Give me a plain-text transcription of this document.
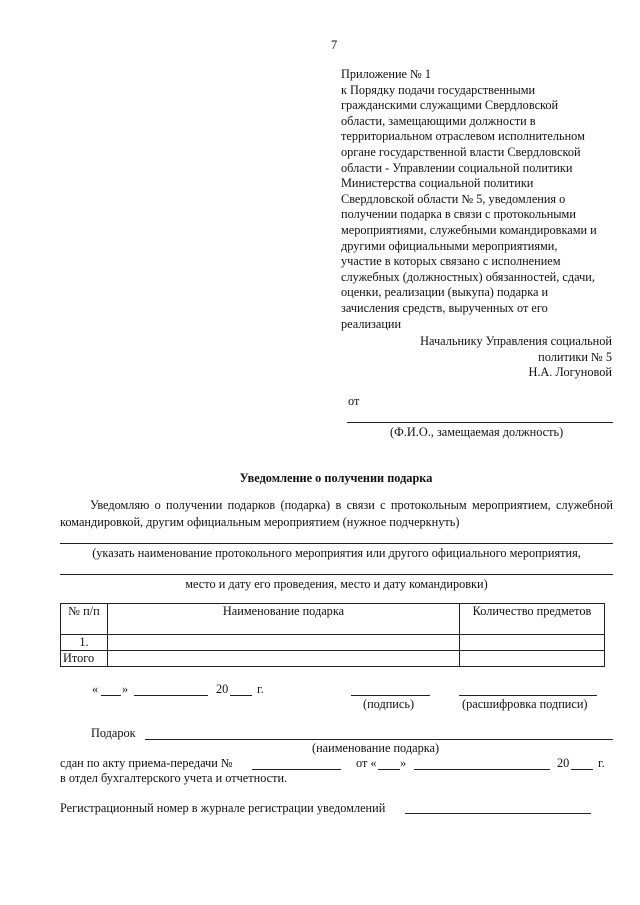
7
Приложение № 1
к Порядку подачи государственными
гражданскими служащими Свердловской
области, замещающими должности в
территориальном отраслевом исполнительном
органе государственной власти Свердловской
области - Управлении социальной политики
Министерства социальной политики
Свердловской области № 5, уведомления о
получении подарка в связи с протокольными
мероприятиями, служебными командировками и
другими официальными мероприятиями,
участие в которых связано с исполнением
служебных (должностных) обязанностей, сдачи,
оценки, реализации (выкупа) подарка и
зачисления средств, вырученных от его
реализации
Начальнику Управления социальной
политики № 5
Н.А. Логуновой
от
(Ф.И.О., замещаемая должность)
Уведомление о получении подарка
Уведомляю о получении подарков (подарка) в связи с протокольным мероприятием, служебной командировкой, другим официальным мероприятием (нужное подчеркнуть)
(указать наименование протокольного мероприятия или другого официального мероприятия,
место и дату его проведения, место и дату командировки)
№ п/п	Наименование подарка	Количество предметов
1.		
Итого		
« »	20 г.
(подпись)	(расшифровка подписи)
Подарок
(наименование подарка)
сдан по акту приема-передачи №	от « »	20 г.
в отдел бухгалтерского учета и отчетности.
Регистрационный номер в журнале регистрации уведомлений
